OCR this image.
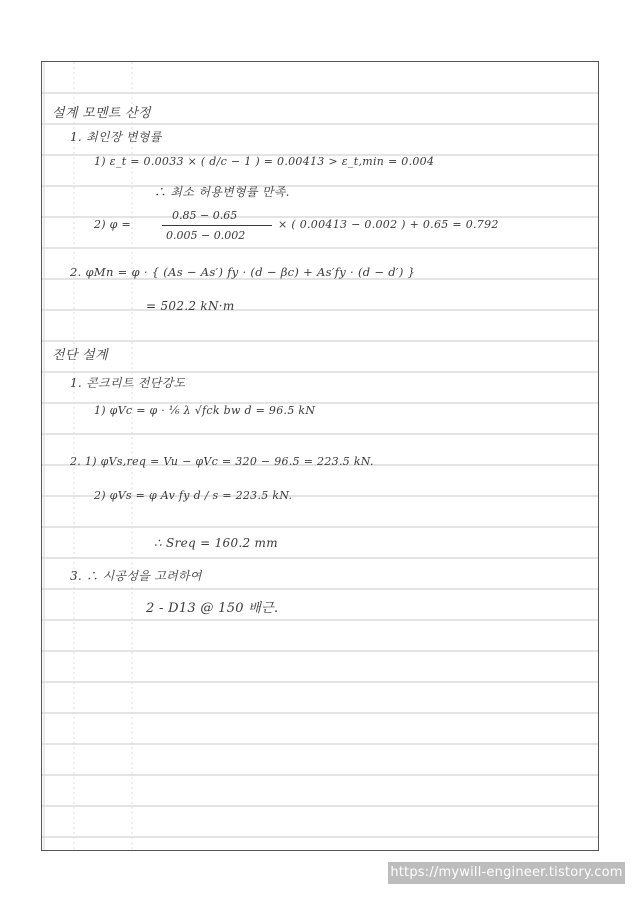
설계 모멘트 산정
1. 최인장 변형률
1) ε_t = 0.0033 × ( d/c − 1 ) = 0.00413 > ε_t,min = 0.004
∴ 최소 허용변형률 만족.
2) φ =
0.85 − 0.65
0.005 − 0.002
× ( 0.00413 − 0.002 ) + 0.65 = 0.792
2. φMn = φ · { (As − As′) fy · (d − βc) + As′fy · (d − d′) }
= 502.2 kN·m
전단 설계
1. 콘크리트 전단강도
1) φVc = φ · ⅙ λ √fck bw d = 96.5 kN
2. 1) φVs,req = Vu − φVc = 320 − 96.5 = 223.5 kN.
2) φVs = φ Av fy d / s = 223.5 kN.
∴ Sreq = 160.2 mm
3. ∴ 시공성을 고려하여
2 - D13 @ 150 배근.
https://mywill-engineer.tistory.com
